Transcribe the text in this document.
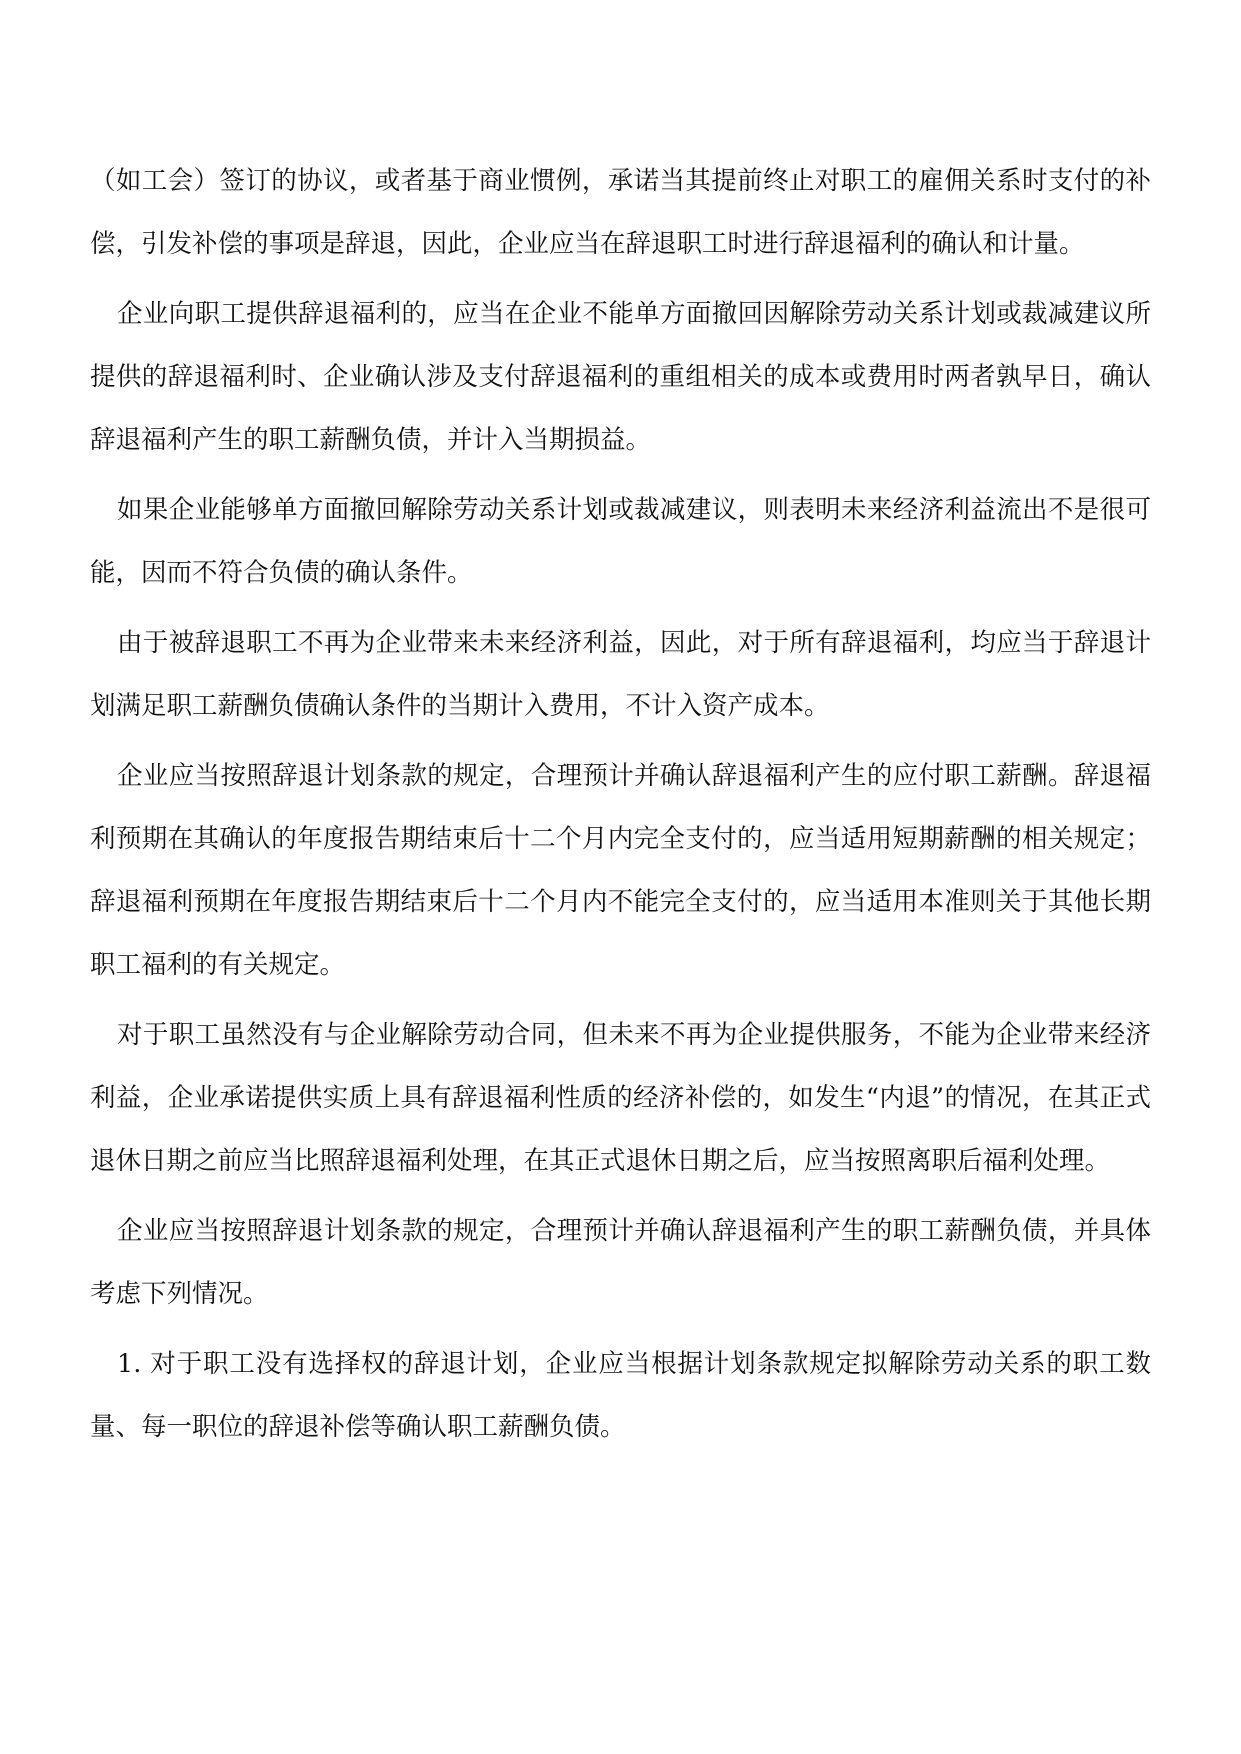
（如工会）签订的协议，或者基于商业惯例，承诺当其提前终止对职工的雇佣关系时支付的补偿，引发补偿的事项是辞退，因此，企业应当在辞退职工时进行辞退福利的确认和计量。

企业向职工提供辞退福利的，应当在企业不能单方面撤回因解除劳动关系计划或裁减建议所提供的辞退福利时、企业确认涉及支付辞退福利的重组相关的成本或费用时两者孰早日，确认辞退福利产生的职工薪酬负债，并计入当期损益。

如果企业能够单方面撤回解除劳动关系计划或裁减建议，则表明未来经济利益流出不是很可能，因而不符合负债的确认条件。

由于被辞退职工不再为企业带来未来经济利益，因此，对于所有辞退福利，均应当于辞退计划满足职工薪酬负债确认条件的当期计入费用，不计入资产成本。

企业应当按照辞退计划条款的规定，合理预计并确认辞退福利产生的应付职工薪酬。辞退福利预期在其确认的年度报告期结束后十二个月内完全支付的，应当适用短期薪酬的相关规定；辞退福利预期在年度报告期结束后十二个月内不能完全支付的，应当适用本准则关于其他长期职工福利的有关规定。

对于职工虽然没有与企业解除劳动合同，但未来不再为企业提供服务，不能为企业带来经济利益，企业承诺提供实质上具有辞退福利性质的经济补偿的，如发生“内退”的情况，在其正式退休日期之前应当比照辞退福利处理，在其正式退休日期之后，应当按照离职后福利处理。

企业应当按照辞退计划条款的规定，合理预计并确认辞退福利产生的职工薪酬负债，并具体考虑下列情况。

1. 对于职工没有选择权的辞退计划，企业应当根据计划条款规定拟解除劳动关系的职工数量、每一职位的辞退补偿等确认职工薪酬负债。
